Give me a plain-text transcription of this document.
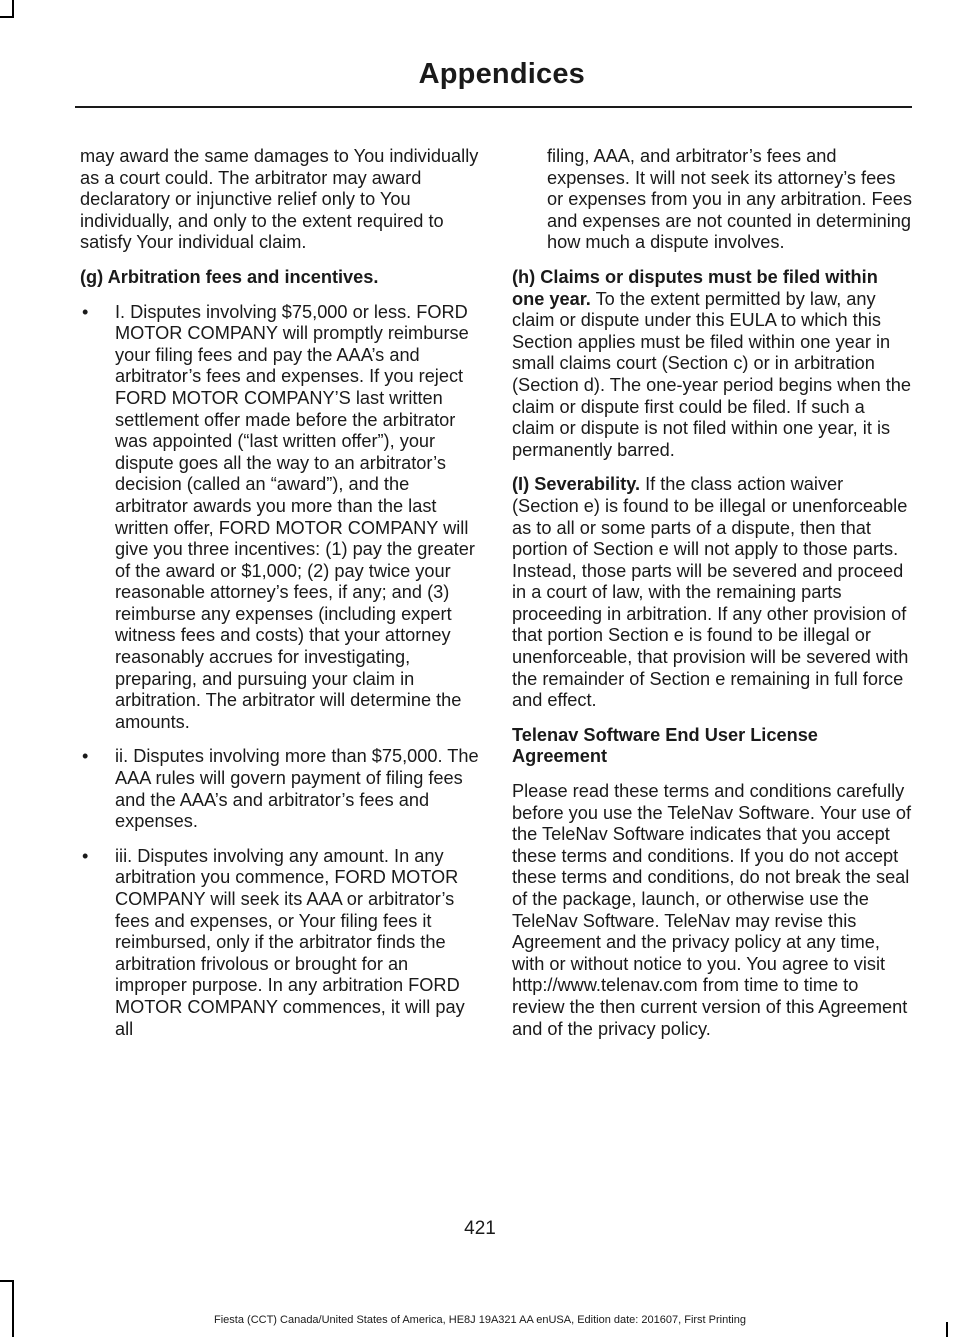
Appendices

may award the same damages to You individually as a court could. The arbitrator may award declaratory or injunctive relief only to You individually, and only to the extent required to satisfy Your individual claim.

(g) Arbitration fees and incentives.

• I. Disputes involving $75,000 or less. FORD MOTOR COMPANY will promptly reimburse your filing fees and pay the AAA’s and arbitrator’s fees and expenses. If you reject FORD MOTOR COMPANY’S last written settlement offer made before the arbitrator was appointed (“last written offer”), your dispute goes all the way to an arbitrator’s decision (called an “award”), and the arbitrator awards you more than the last written offer, FORD MOTOR COMPANY will give you three incentives: (1) pay the greater of the award or $1,000; (2) pay twice your reasonable attorney’s fees, if any; and (3) reimburse any expenses (including expert witness fees and costs) that your attorney reasonably accrues for investigating, preparing, and pursuing your claim in arbitration. The arbitrator will determine the amounts.
• ii. Disputes involving more than $75,000. The AAA rules will govern payment of filing fees and the AAA’s and arbitrator’s fees and expenses.
• iii. Disputes involving any amount. In any arbitration you commence, FORD MOTOR COMPANY will seek its AAA or arbitrator’s fees and expenses, or Your filing fees it reimbursed, only if the arbitrator finds the arbitration frivolous or brought for an improper purpose. In any arbitration FORD MOTOR COMPANY commences, it will pay all

filing, AAA, and arbitrator’s fees and expenses. It will not seek its attorney’s fees or expenses from you in any arbitration. Fees and expenses are not counted in determining how much a dispute involves.

(h) Claims or disputes must be filed within one year. To the extent permitted by law, any claim or dispute under this EULA to which this Section applies must be filed within one year in small claims court (Section c) or in arbitration (Section d). The one-year period begins when the claim or dispute first could be filed. If such a claim or dispute is not filed within one year, it is permanently barred.

(I) Severability. If the class action waiver (Section e) is found to be illegal or unenforceable as to all or some parts of a dispute, then that portion of Section e will not apply to those parts. Instead, those parts will be severed and proceed in a court of law, with the remaining parts proceeding in arbitration. If any other provision of that portion Section e is found to be illegal or unenforceable, that provision will be severed with the remainder of Section e remaining in full force and effect.

Telenav Software End User License Agreement

Please read these terms and conditions carefully before you use the TeleNav Software. Your use of the TeleNav Software indicates that you accept these terms and conditions. If you do not accept these terms and conditions, do not break the seal of the package, launch, or otherwise use the TeleNav Software. TeleNav may revise this Agreement and the privacy policy at any time, with or without notice to you. You agree to visit http://www.telenav.com from time to time to review the then current version of this Agreement and of the privacy policy.

421

Fiesta (CCT) Canada/United States of America, HE8J 19A321 AA enUSA, Edition date: 201607, First Printing
